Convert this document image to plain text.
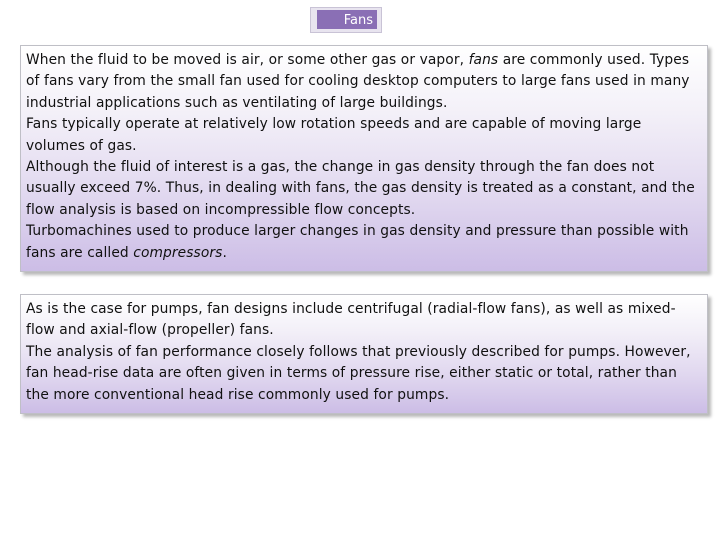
Fans

When the fluid to be moved is air, or some other gas or vapor, fans are commonly used. Types of fans vary from the small fan used for cooling desktop computers to large fans used in many industrial applications such as ventilating of large buildings.

Fans typically operate at relatively low rotation speeds and are capable of moving large volumes of gas.

Although the fluid of interest is a gas, the change in gas density through the fan does not usually exceed 7%. Thus, in dealing with fans, the gas density is treated as a constant, and the flow analysis is based on incompressible flow concepts.

Turbomachines used to produce larger changes in gas density and pressure than possible with fans are called compressors.

As is the case for pumps, fan designs include centrifugal (radial-flow fans), as well as mixed-flow and axial-flow (propeller) fans.

The analysis of fan performance closely follows that previously described for pumps. However, fan head-rise data are often given in terms of pressure rise, either static or total, rather than the more conventional head rise commonly used for pumps.
